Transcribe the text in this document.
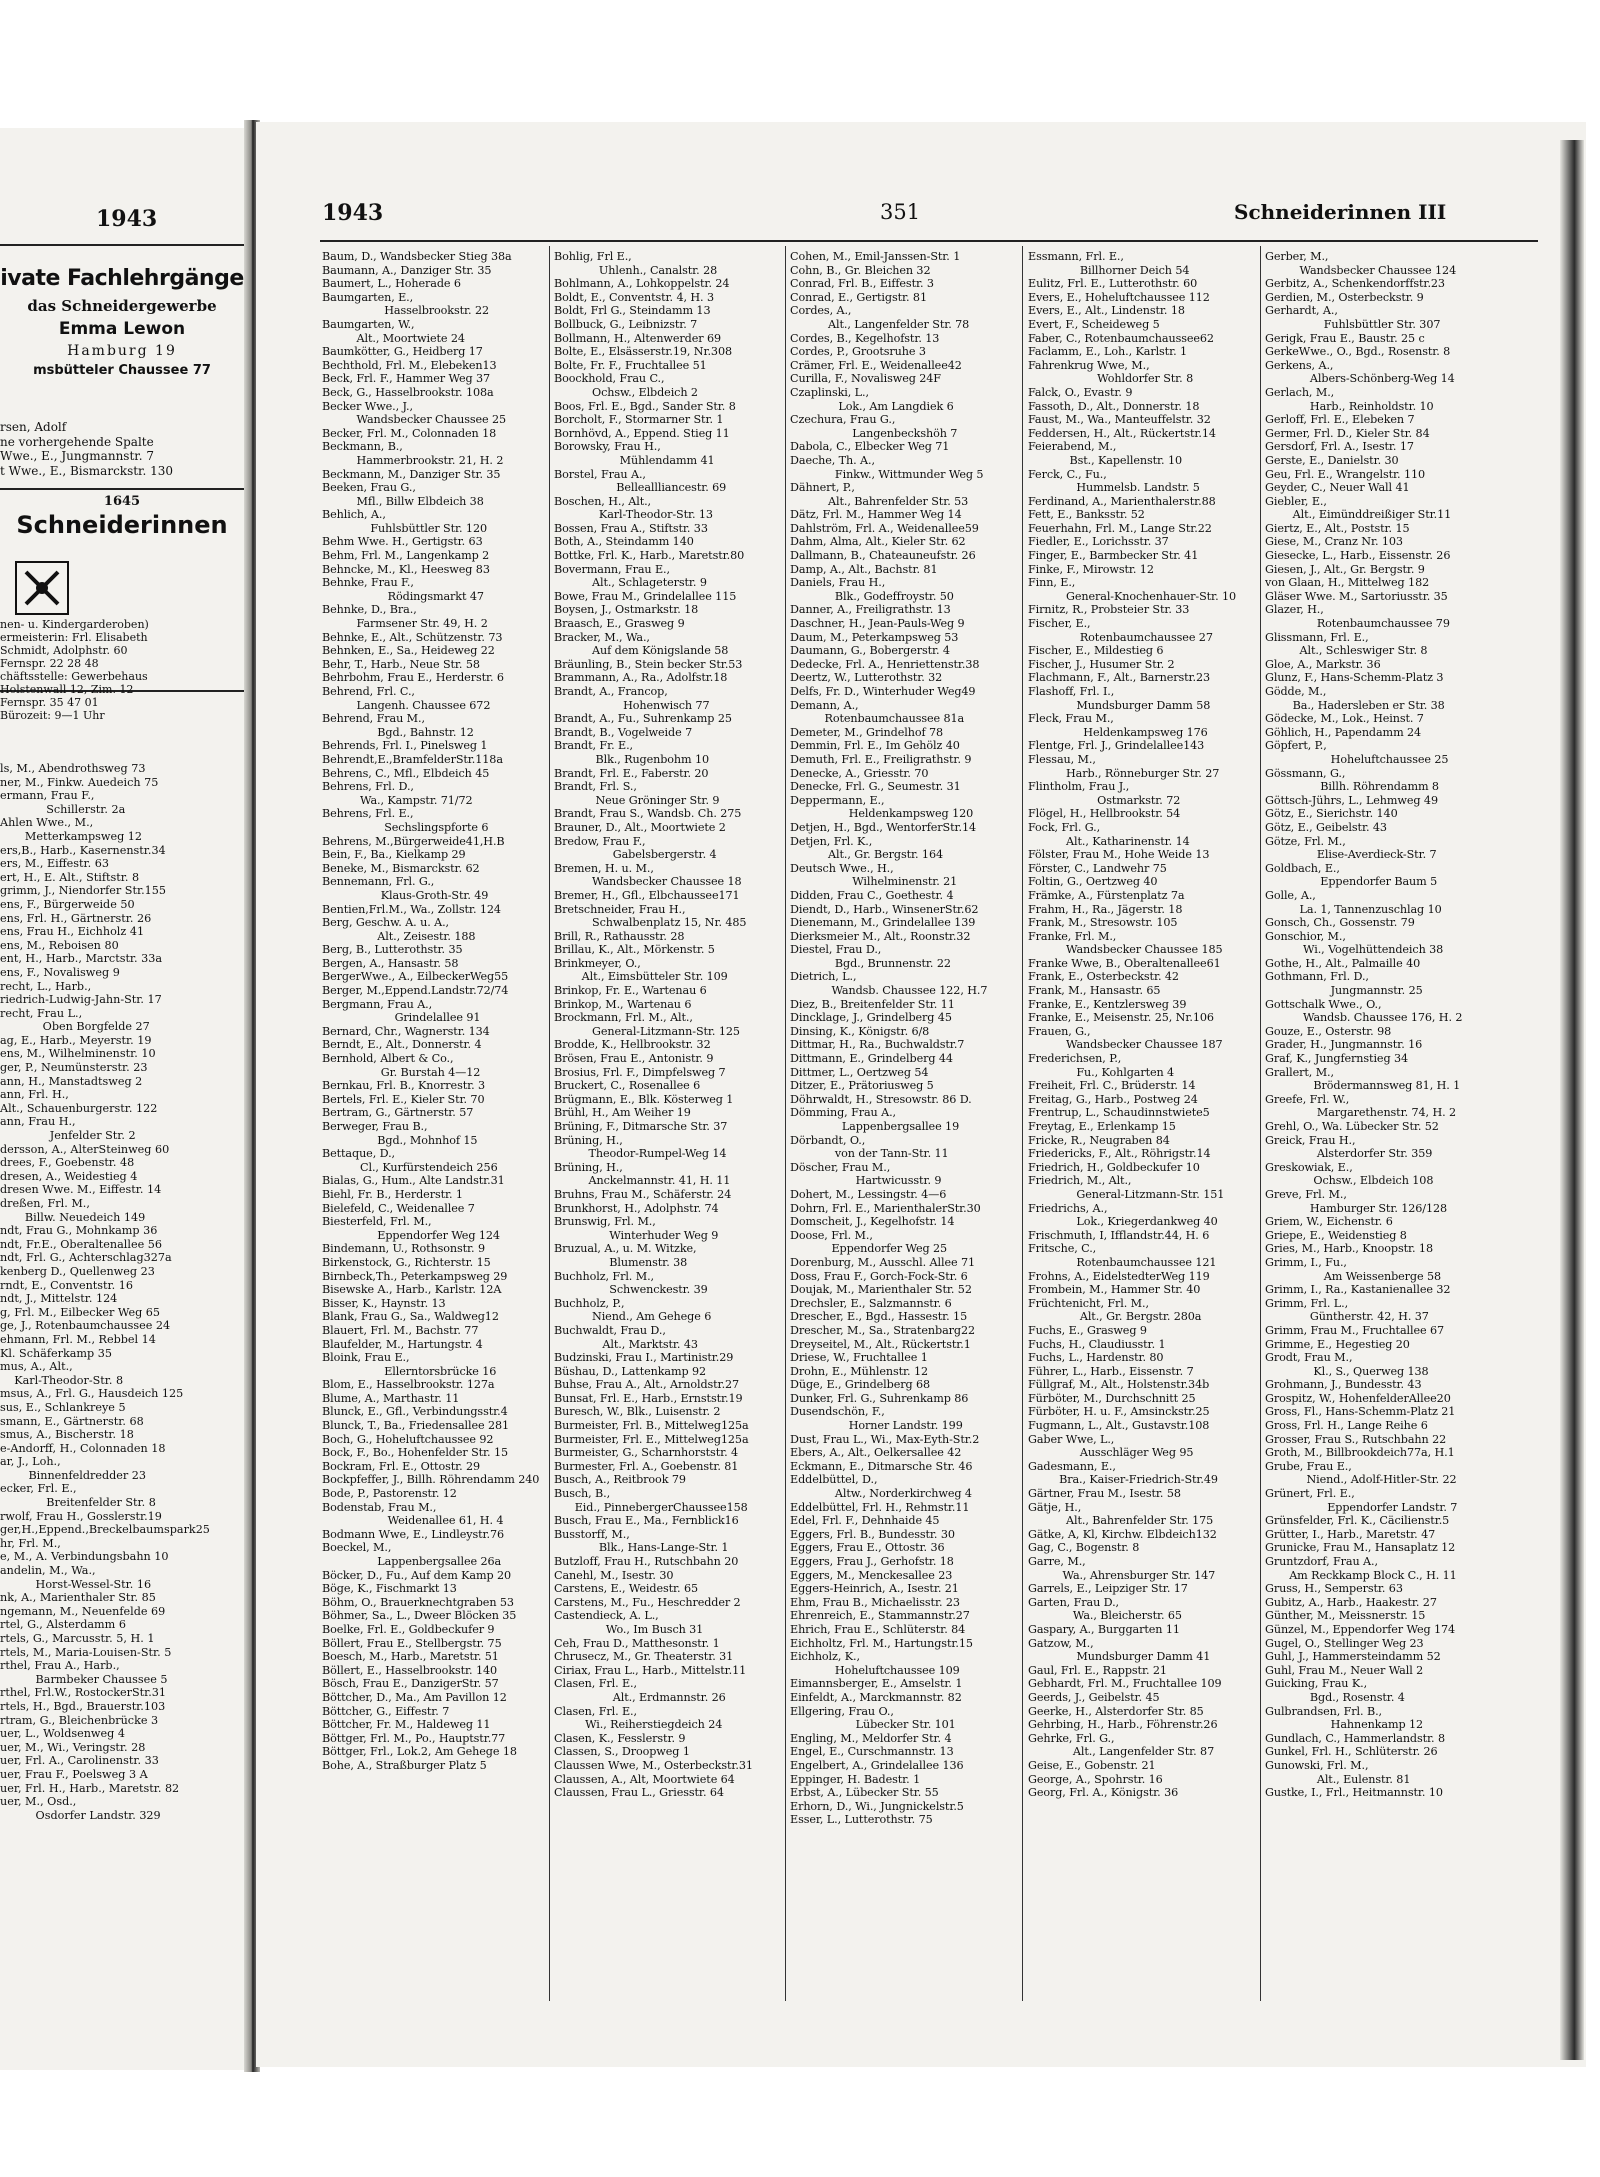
1943
ivate Fachlehrgänge
das Schneidergewerbe
Emma Lewon
Hamburg 19
msbütteler Chaussee 77
rsen, Adolf
ne vorhergehende Spalte
Wwe., E., Jungmannstr. 7
t Wwe., E., Bismarckstr. 130
1645
Schneiderinnen
nen- u. Kindergarderoben)
ermeisterin: Frl. Elisabeth
Schmidt, Adolphstr. 60
Fernspr. 22 28 48
chäftsstelle: Gewerbehaus
Holstenwall 12, Zim. 12
Fernspr. 35 47 01
Bürozeit: 9—1 Uhr
ls, M., Abendrothsweg 73
ner, M., Finkw. Auedeich 75
ermann, Frau F.,
Schillerstr. 2a
Ahlen Wwe., M.,
Metterkampsweg 12
ers,B., Harb., Kasernenstr.34
ers, M., Eiffestr. 63
ert, H., E. Alt., Stiftstr. 8
grimm, J., Niendorfer Str.155
ens, F., Bürgerweide 50
ens, Frl. H., Gärtnerstr. 26
ens, Frau H., Eichholz 41
ens, M., Reboisen 80
ent, H., Harb., Marctstr. 33a
ens, F., Novalisweg 9
recht, L., Harb.,
riedrich-Ludwig-Jahn-Str. 17
recht, Frau L.,
Oben Borgfelde 27
ag, E., Harb., Meyerstr. 19
ens, M., Wilhelminenstr. 10
ger, P., Neumünsterstr. 23
ann, H., Manstadtsweg 2
ann, Frl. H.,
Alt., Schauenburgerstr. 122
ann, Frau H.,
Jenfelder Str. 2
dersson, A., AlterSteinweg 60
drees, F., Goebenstr. 48
dresen, A., Weidestieg 4
dresen Wwe. M., Eiffestr. 14
dreßen, Frl. M.,
Billw. Neuedeich 149
ndt, Frau G., Mohnkamp 36
ndt, Fr.E., Oberaltenallee 56
ndt, Frl. G., Achterschlag327a
kenberg D., Quellenweg 23
rndt, E., Conventstr. 16
ndt, J., Mittelstr. 124
g, Frl. M., Eilbecker Weg 65
ge, J., Rotenbaumchaussee 24
ehmann, Frl. M., Rebbel 14
Kl. Schäferkamp 35
mus, A., Alt.,
Karl-Theodor-Str. 8
msus, A., Frl. G., Hausdeich 125
sus, E., Schlankreye 5
smann, E., Gärtnerstr. 68
smus, A., Bischerstr. 18
e-Andorff, H., Colonnaden 18
ar, J., Loh.,
Binnenfeldredder 23
ecker, Frl. E.,
Breitenfelder Str. 8
rwolf, Frau H., Gosslerstr.19
ger,H.,Eppend.,Breckelbaumspark25
hr, Frl. M.,
e, M., A. Verbindungsbahn 10
andelin, M., Wa.,
Horst-Wessel-Str. 16
nk, A., Marienthaler Str. 85
ngemann, M., Neuenfelde 69
rtel, G., Alsterdamm 6
rtels, G., Marcusstr. 5, H. 1
rtels, M., Maria-Louisen-Str. 5
rthel, Frau A., Harb.,
Barmbeker Chaussee 5
rthel, Frl.W., RostockerStr.31
rtels, H., Bgd., Brauerstr.103
rtram, G., Bleichenbrücke 3
uer, L., Woldsenweg 4
uer, M., Wi., Veringstr. 28
uer, Frl. A., Carolinenstr. 33
uer, Frau F., Poelsweg 3 A
uer, Frl. H., Harb., Maretstr. 82
uer, M., Osd.,
Osdorfer Landstr. 329
1943	351	Schneiderinnen III
Baum, D., Wandsbecker Stieg 38a
Baumann, A., Danziger Str. 35
Baumert, L., Hoherade 6
Baumgarten, E.,
Hasselbrookstr. 22
Baumgarten, W.,
Alt., Moortwiete 24
Baumkötter, G., Heidberg 17
Bechthold, Frl. M., Elebeken13
Beck, Frl. F., Hammer Weg 37
Beck, G., Hasselbrookstr. 108a
Becker Wwe., J.,
Wandsbecker Chaussee 25
Becker, Frl. M., Colonnaden 18
Beckmann, B.,
Hammerbrookstr. 21, H. 2
Beckmann, M., Danziger Str. 35
Beeken, Frau G.,
Mfl., Billw Elbdeich 38
Behlich, A.,
Fuhlsbüttler Str. 120
Behm Wwe. H., Gertigstr. 63
Behm, Frl. M., Langenkamp 2
Behncke, M., Kl., Heesweg 83
Behnke, Frau F.,
Rödingsmarkt 47
Behnke, D., Bra.,
Farmsener Str. 49, H. 2
Behnke, E., Alt., Schützenstr. 73
Behnken, E., Sa., Heideweg 22
Behr, T., Harb., Neue Str. 58
Behrbohm, Frau E., Herderstr. 6
Behrend, Frl. C.,
Langenh. Chaussee 672
Behrend, Frau M.,
Bgd., Bahnstr. 12
Behrends, Frl. I., Pinelsweg 1
Behrendt,E.,BramfelderStr.118a
Behrens, C., Mfl., Elbdeich 45
Behrens, Frl. D.,
Wa., Kampstr. 71/72
Behrens, Frl. E.,
Sechslingspforte 6
Behrens, M.,Bürgerweide41,H.B
Bein, F., Ba., Kielkamp 29
Beneke, M., Bismarckstr. 62
Bennemann, Frl. G.,
Klaus-Groth-Str. 49
Bentien,Frl.M., Wa., Zollstr. 124
Berg, Geschw. A. u. A.,
Alt., Zeisestr. 188
Berg, B., Lutterothstr. 35
Bergen, A., Hansastr. 58
BergerWwe., A., EilbeckerWeg55
Berger, M.,Eppend.Landstr.72/74
Bergmann, Frau A.,
Grindelallee 91
Bernard, Chr., Wagnerstr. 134
Berndt, E., Alt., Donnerstr. 4
Bernhold, Albert & Co.,
Gr. Burstah 4—12
Bernkau, Frl. B., Knorrestr. 3
Bertels, Frl. E., Kieler Str. 70
Bertram, G., Gärtnerstr. 57
Berweger, Frau B.,
Bgd., Mohnhof 15
Bettaque, D.,
Cl., Kurfürstendeich 256
Bialas, G., Hum., Alte Landstr.31
Biehl, Fr. B., Herderstr. 1
Bielefeld, C., Weidenallee 7
Biesterfeld, Frl. M.,
Eppendorfer Weg 124
Bindemann, U., Rothsonstr. 9
Birkenstock, G., Richterstr. 15
Birnbeck,Th., Peterkampsweg 29
Bisewske A., Harb., Karlstr. 12A
Bisser, K., Haynstr. 13
Blank, Frau G., Sa., Waldweg12
Blauert, Frl. M., Bachstr. 77
Blaufelder, M., Hartungstr. 4
Bloink, Frau E.,
Ellerntorsbrücke 16
Blom, E., Hasselbrookstr. 127a
Blume, A., Marthastr. 11
Blunck, E., Gfl., Verbindungsstr.4
Blunck, T., Ba., Friedensallee 281
Boch, G., Hoheluftchaussee 92
Bock, F., Bo., Hohenfelder Str. 15
Bockram, Frl. E., Ottostr. 29
Bockpfeffer, J., Billh. Röhrendamm 240
Bode, P., Pastorenstr. 12
Bodenstab, Frau M.,
Weidenallee 61, H. 4
Bodmann Wwe, E., Lindleystr.76
Boeckel, M.,
Lappenbergsallee 26a
Böcker, D., Fu., Auf dem Kamp 20
Böge, K., Fischmarkt 13
Böhm, O., Brauerknechtgraben 53
Böhmer, Sa., L., Dweer Blöcken 35
Boelke, Frl. E., Goldbeckufer 9
Böllert, Frau E., Stellbergstr. 75
Boesch, M., Harb., Maretstr. 51
Böllert, E., Hasselbrookstr. 140
Bösch, Frau E., DanzigerStr. 57
Böttcher, D., Ma., Am Pavillon 12
Böttcher, G., Eiffestr. 7
Böttcher, Fr. M., Haldeweg 11
Böttger, Frl. M., Po., Hauptstr.77
Böttger, Frl., Lok.2, Am Gehege 18
Bohe, A., Straßburger Platz 5
Bohlig, Frl E.,
Uhlenh., Canalstr. 28
Bohlmann, A., Lohkoppelstr. 24
Boldt, E., Conventstr. 4, H. 3
Boldt, Frl G., Steindamm 13
Bollbuck, G., Leibnizstr. 7
Bollmann, H., Altenwerder 69
Bolte, E., Elsässerstr.19, Nr.308
Bolte, Fr. F., Fruchtallee 51
Boockhold, Frau C.,
Ochsw., Elbdeich 2
Boos, Frl. E., Bgd., Sander Str. 8
Borcholt, F., Stormarner Str. 1
Bornhövd, A., Eppend. Stieg 11
Borowsky, Frau H.,
Mühlendamm 41
Borstel, Frau A.,
Belleallliancestr. 69
Boschen, H., Alt.,
Karl-Theodor-Str. 13
Bossen, Frau A., Stiftstr. 33
Both, A., Steindamm 140
Bottke, Frl. K., Harb., Maretstr.80
Bovermann, Frau E.,
Alt., Schlageterstr. 9
Bowe, Frau M., Grindelallee 115
Boysen, J., Ostmarkstr. 18
Braasch, E., Grasweg 9
Bracker, M., Wa.,
Auf dem Königslande 58
Bräunling, B., Stein becker Str.53
Brammann, A., Ra., Adolfstr.18
Brandt, A., Francop,
Hohenwisch 77
Brandt, A., Fu., Suhrenkamp 25
Brandt, B., Vogelweide 7
Brandt, Fr. E.,
Blk., Rugenbohm 10
Brandt, Frl. E., Faberstr. 20
Brandt, Frl. S.,
Neue Gröninger Str. 9
Brandt, Frau S., Wandsb. Ch. 275
Brauner, D., Alt., Moortwiete 2
Bredow, Frau F.,
Gabelsbergerstr. 4
Bremen, H. u. M.,
Wandsbecker Chaussee 18
Bremer, H., Gfl., Elbchaussee171
Bretschneider, Frau H.,
Schwalbenplatz 15, Nr. 485
Brill, R., Rathausstr. 28
Brillau, K., Alt., Mörkenstr. 5
Brinkmeyer, O.,
Alt., Eimsbütteler Str. 109
Brinkop, Fr. E., Wartenau 6
Brinkop, M., Wartenau 6
Brockmann, Frl. M., Alt.,
General-Litzmann-Str. 125
Brodde, K., Hellbrookstr. 32
Brösen, Frau E., Antonistr. 9
Brosius, Frl. F., Dimpfelsweg 7
Bruckert, C., Rosenallee 6
Brügmann, E., Blk. Kösterweg 1
Brühl, H., Am Weiher 19
Brüning, F., Ditmarsche Str. 37
Brüning, H.,
Theodor-Rumpel-Weg 14
Brüning, H.,
Anckelmannstr. 41, H. 11
Bruhns, Frau M., Schäferstr. 24
Brunkhorst, H., Adolphstr. 74
Brunswig, Frl. M.,
Winterhuder Weg 9
Bruzual, A., u. M. Witzke,
Blumenstr. 38
Buchholz, Frl. M.,
Schwenckestr. 39
Buchholz, P.,
Niend., Am Gehege 6
Buchwaldt, Frau D.,
Alt., Marktstr. 43
Budzinski, Frau I., Martinistr.29
Büshau, D., Lattenkamp 92
Buhse, Frau A., Alt., Arnoldstr.27
Bunsat, Frl. E., Harb., Ernststr.19
Buresch, W., Blk., Luisenstr. 2
Burmeister, Frl. B., Mittelweg125a
Burmeister, Frl. E., Mittelweg125a
Burmeister, G., Scharnhorststr. 4
Burmester, Frl. A., Goebenstr. 81
Busch, A., Reitbrook 79
Busch, B.,
Eid., PinnebergerChaussee158
Busch, Frau E., Ma., Fernblick16
Busstorff, M.,
Blk., Hans-Lange-Str. 1
Butzloff, Frau H., Rutschbahn 20
Canehl, M., Isestr. 30
Carstens, E., Weidestr. 65
Carstens, M., Fu., Heschredder 2
Castendieck, A. L.,
Wo., Im Busch 31
Ceh, Frau D., Matthesonstr. 1
Chrusecz, M., Gr. Theaterstr. 31
Ciriax, Frau L., Harb., Mittelstr.11
Clasen, Frl. E.,
Alt., Erdmannstr. 26
Clasen, Frl. E.,
Wi., Reiherstiegdeich 24
Clasen, K., Fesslerstr. 9
Classen, S., Droopweg 1
Claussen Wwe, M., Osterbeckstr.31
Claussen, A., Alt, Moortwiete 64
Claussen, Frau L., Griesstr. 64
Cohen, M., Emil-Janssen-Str. 1
Cohn, B., Gr. Bleichen 32
Conrad, Frl. B., Eiffestr. 3
Conrad, E., Gertigstr. 81
Cordes, A.,
Alt., Langenfelder Str. 78
Cordes, B., Kegelhofstr. 13
Cordes, P., Grootsruhe 3
Crämer, Frl. E., Weidenallee42
Curilla, F., Novalisweg 24F
Czaplinski, L.,
Lok., Am Langdiek 6
Czechura, Frau G.,
Langenbeckshöh 7
Dabola, C., Elbecker Weg 71
Daeche, Th. A.,
Finkw., Wittmunder Weg 5
Dähnert, P.,
Alt., Bahrenfelder Str. 53
Dätz, Frl. M., Hammer Weg 14
Dahlström, Frl. A., Weidenallee59
Dahm, Alma, Alt., Kieler Str. 62
Dallmann, B., Chateauneufstr. 26
Damp, A., Alt., Bachstr. 81
Daniels, Frau H.,
Blk., Godeffroystr. 50
Danner, A., Freiligrathstr. 13
Daschner, H., Jean-Pauls-Weg 9
Daum, M., Peterkampsweg 53
Daumann, G., Bobergerstr. 4
Dedecke, Frl. A., Henriettenstr.38
Deertz, W., Lutterothstr. 32
Delfs, Fr. D., Winterhuder Weg49
Demann, A.,
Rotenbaumchaussee 81a
Demeter, M., Grindelhof 78
Demmin, Frl. E., Im Gehölz 40
Demuth, Frl. E., Freiligrathstr. 9
Denecke, A., Griesstr. 70
Denecke, Frl. G., Seumestr. 31
Deppermann, E.,
Heldenkampsweg 120
Detjen, H., Bgd., WentorferStr.14
Detjen, Frl. K.,
Alt., Gr. Bergstr. 164
Deutsch Wwe., H.,
Wilhelminenstr. 21
Didden, Frau C., Goethestr. 4
Diendt, D., Harb., WinsenerStr.62
Dienemann, M., Grindelallee 139
Dierksmeier M., Alt., Roonstr.32
Diestel, Frau D.,
Bgd., Brunnenstr. 22
Dietrich, L.,
Wandsb. Chaussee 122, H.7
Diez, B., Breitenfelder Str. 11
Dincklage, J., Grindelberg 45
Dinsing, K., Königstr. 6/8
Dittmar, H., Ra., Buchwaldstr.7
Dittmann, E., Grindelberg 44
Dittmer, L., Oertzweg 54
Ditzer, E., Prätoriusweg 5
Döhrwaldt, H., Stresowstr. 86 D.
Dömming, Frau A.,
Lappenbergsallee 19
Dörbandt, O.,
von der Tann-Str. 11
Döscher, Frau M.,
Hartwicusstr. 9
Dohert, M., Lessingstr. 4—6
Dohrn, Frl. E., MarienthalerStr.30
Domscheit, J., Kegelhofstr. 14
Doose, Frl. M.,
Eppendorfer Weg 25
Dorenburg, M., Ausschl. Allee 71
Doss, Frau F., Gorch-Fock-Str. 6
Doujak, M., Marienthaler Str. 52
Drechsler, E., Salzmannstr. 6
Drescher, E., Bgd., Hassestr. 15
Drescher, M., Sa., Stratenbarg22
Dreyseitel, M., Alt., Rückertstr.1
Driese, W., Fruchtallee 1
Drohn, E., Mühlenstr. 12
Düge, E., Grindelberg 68
Dunker, Frl. G., Suhrenkamp 86
Dusendschön, F.,
Horner Landstr. 199
Dust, Frau L., Wi., Max-Eyth-Str.2
Ebers, A., Alt., Oelkersallee 42
Eckmann, E., Ditmarsche Str. 46
Eddelbüttel, D.,
Altw., Norderkirchweg 4
Eddelbüttel, Frl. H., Rehmstr.11
Edel, Frl. F., Dehnhaide 45
Eggers, Frl. B., Bundesstr. 30
Eggers, Frau E., Ottostr. 36
Eggers, Frau J., Gerhofstr. 18
Eggers, M., Menckesallee 23
Eggers-Heinrich, A., Isestr. 21
Ehm, Frau B., Michaelisstr. 23
Ehrenreich, E., Stammannstr.27
Ehrich, Frau E., Schlüterstr. 84
Eichholtz, Frl. M., Hartungstr.15
Eichholz, K.,
Hoheluftchaussee 109
Eimannsberger, E., Amselstr. 1
Einfeldt, A., Marckmannstr. 82
Ellgering, Frau O.,
Lübecker Str. 101
Engling, M., Meldorfer Str. 4
Engel, E., Curschmannstr. 13
Engelbert, A., Grindelallee 136
Eppinger, H. Badestr. 1
Erbst, A., Lübecker Str. 55
Erhorn, D., Wi., Jungnickelstr.5
Esser, L., Lutterothstr. 75
Essmann, Frl. E.,
Billhorner Deich 54
Eulitz, Frl. E., Lutterothstr. 60
Evers, E., Hoheluftchaussee 112
Evers, E., Alt., Lindenstr. 18
Evert, F., Scheideweg 5
Faber, C., Rotenbaumchaussee62
Faclamm, E., Loh., Karlstr. 1
Fahrenkrug Wwe, M.,
Wohldorfer Str. 8
Falck, O., Evastr. 9
Fassoth, D., Alt., Donnerstr. 18
Faust, M., Wa., Manteuffelstr. 32
Feddersen, H., Alt., Rückertstr.14
Feierabend, M.,
Bst., Kapellenstr. 10
Ferck, C., Fu.,
Hummelsb. Landstr. 5
Ferdinand, A., Marienthalerstr.88
Fett, E., Banksstr. 52
Feuerhahn, Frl. M., Lange Str.22
Fiedler, E., Lorichsstr. 37
Finger, E., Barmbecker Str. 41
Finke, F., Mirowstr. 12
Finn, E.,
General-Knochenhauer-Str. 10
Firnitz, R., Probsteier Str. 33
Fischer, E.,
Rotenbaumchaussee 27
Fischer, E., Mildestieg 6
Fischer, J., Husumer Str. 2
Flachmann, F., Alt., Barnerstr.23
Flashoff, Frl. I.,
Mundsburger Damm 58
Fleck, Frau M.,
Heldenkampsweg 176
Flentge, Frl. J., Grindelallee143
Flessau, M.,
Harb., Rönneburger Str. 27
Flintholm, Frau J.,
Ostmarkstr. 72
Flögel, H., Hellbrookstr. 54
Fock, Frl. G.,
Alt., Katharinenstr. 14
Fölster, Frau M., Hohe Weide 13
Förster, C., Landwehr 75
Foltin, G., Oertzweg 40
Främke, A., Fürstenplatz 7a
Frahm, H., Ra., Jägerstr. 18
Frank, M., Stresowstr. 105
Franke, Frl. M.,
Wandsbecker Chaussee 185
Franke Wwe, B., Oberaltenallee61
Frank, E., Osterbeckstr. 42
Frank, M., Hansastr. 65
Franke, E., Kentzlersweg 39
Franke, E., Meisenstr. 25, Nr.106
Frauen, G.,
Wandsbecker Chaussee 187
Frederichsen, P.,
Fu., Kohlgarten 4
Freiheit, Frl. C., Brüderstr. 14
Freitag, G., Harb., Postweg 24
Frentrup, L., Schaudinnstwiete5
Freytag, E., Erlenkamp 15
Fricke, R., Neugraben 84
Friedericks, F., Alt., Röhrigstr.14
Friedrich, H., Goldbeckufer 10
Friedrich, M., Alt.,
General-Litzmann-Str. 151
Friedrichs, A.,
Lok., Kriegerdankweg 40
Frischmuth, I, Ifflandstr.44, H. 6
Fritsche, C.,
Rotenbaumchaussee 121
Frohns, A., EidelstedterWeg 119
Frombein, M., Hammer Str. 40
Früchtenicht, Frl. M.,
Alt., Gr. Bergstr. 280a
Fuchs, E., Grasweg 9
Fuchs, H., Claudiusstr. 1
Fuchs, L., Hardenstr. 80
Führer, L., Harb., Eissenstr. 7
Füllgraf, M., Alt., Holstenstr.34b
Fürböter, M., Durchschnitt 25
Fürböter, H. u. F., Amsinckstr.25
Fugmann, L., Alt., Gustavstr.108
Gaber Wwe, L.,
Ausschläger Weg 95
Gadesmann, E.,
Bra., Kaiser-Friedrich-Str.49
Gärtner, Frau M., Isestr. 58
Gätje, H.,
Alt., Bahrenfelder Str. 175
Gätke, A, Kl, Kirchw. Elbdeich132
Gag, C., Bogenstr. 8
Garre, M.,
Wa., Ahrensburger Str. 147
Garrels, E., Leipziger Str. 17
Garten, Frau D.,
Wa., Bleicherstr. 65
Gaspary, A., Burggarten 11
Gatzow, M.,
Mundsburger Damm 41
Gaul, Frl. E., Rappstr. 21
Gebhardt, Frl. M., Fruchtallee 109
Geerds, J., Geibelstr. 45
Geerke, H., Alsterdorfer Str. 85
Gehrbing, H., Harb., Föhrenstr.26
Gehrke, Frl. G.,
Alt., Langenfelder Str. 87
Geise, E., Gobenstr. 21
George, A., Spohrstr. 16
Georg, Frl. A., Königstr. 36
Gerber, M.,
Wandsbecker Chaussee 124
Gerbitz, A., Schenkendorffstr.23
Gerdien, M., Osterbeckstr. 9
Gerhardt, A.,
Fuhlsbüttler Str. 307
Gerigk, Frau E., Baustr. 25 c
GerkeWwe., O., Bgd., Rosenstr. 8
Gerkens, A.,
Albers-Schönberg-Weg 14
Gerlach, M.,
Harb., Reinholdstr. 10
Gerloff, Frl. E., Elebeken 7
Germer, Frl. D., Kieler Str. 84
Gersdorf, Frl. A., Isestr. 17
Gerste, E., Danielstr. 30
Geu, Frl. E., Wrangelstr. 110
Geyder, C., Neuer Wall 41
Giebler, E.,
Alt., Eimünddreißiger Str.11
Giertz, E., Alt., Poststr. 15
Giese, M., Cranz Nr. 103
Giesecke, L., Harb., Eissenstr. 26
Giesen, J., Alt., Gr. Bergstr. 9
von Glaan, H., Mittelweg 182
Gläser Wwe. M., Sartoriusstr. 35
Glazer, H.,
Rotenbaumchaussee 79
Glissmann, Frl. E.,
Alt., Schleswiger Str. 8
Gloe, A., Markstr. 36
Glunz, F., Hans-Schemm-Platz 3
Gödde, M.,
Ba., Hadersleben er Str. 38
Gödecke, M., Lok., Heinst. 7
Göhlich, H., Papendamm 24
Göpfert, P.,
Hoheluftchaussee 25
Gössmann, G.,
Billh. Röhrendamm 8
Göttsch-Jührs, L., Lehmweg 49
Götz, E., Sierichstr. 140
Götz, E., Geibelstr. 43
Götze, Frl. M.,
Elise-Averdieck-Str. 7
Goldbach, E.,
Eppendorfer Baum 5
Golle, A.,
La. 1, Tannenzuschlag 10
Gonsch, Ch., Gossenstr. 79
Gonschior, M.,
Wi., Vogelhüttendeich 38
Gothe, H., Alt., Palmaille 40
Gothmann, Frl. D.,
Jungmannstr. 25
Gottschalk Wwe., O.,
Wandsb. Chaussee 176, H. 2
Gouze, E., Osterstr. 98
Grader, H., Jungmannstr. 16
Graf, K., Jungfernstieg 34
Grallert, M.,
Brödermannsweg 81, H. 1
Greefe, Frl. W.,
Margarethenstr. 74, H. 2
Grehl, O., Wa. Lübecker Str. 52
Greick, Frau H.,
Alsterdorfer Str. 359
Greskowiak, E.,
Ochsw., Elbdeich 108
Greve, Frl. M.,
Hamburger Str. 126/128
Griem, W., Eichenstr. 6
Griepe, E., Weidenstieg 8
Gries, M., Harb., Knoopstr. 18
Grimm, I., Fu.,
Am Weissenberge 58
Grimm, I., Ra., Kastanienallee 32
Grimm, Frl. L.,
Güntherstr. 42, H. 37
Grimm, Frau M., Fruchtallee 67
Grimme, E., Hegestieg 20
Grodt, Frau M.,
Kl., S., Querweg 138
Grohmann, J., Bundesstr. 43
Grospitz, W., HohenfelderAllee20
Gross, Fl., Hans-Schemm-Platz 21
Gross, Frl. H., Lange Reihe 6
Grosser, Frau S., Rutschbahn 22
Groth, M., Billbrookdeich77a, H.1
Grube, Frau E.,
Niend., Adolf-Hitler-Str. 22
Grünert, Frl. E.,
Eppendorfer Landstr. 7
Grünsfelder, Frl. K., Cäcilienstr.5
Grütter, I., Harb., Maretstr. 47
Grunicke, Frau M., Hansaplatz 12
Gruntzdorf, Frau A.,
Am Reckkamp Block C., H. 11
Gruss, H., Semperstr. 63
Gubitz, A., Harb., Haakestr. 27
Günther, M., Meissnerstr. 15
Günzel, M., Eppendorfer Weg 174
Gugel, O., Stellinger Weg 23
Guhl, J., Hammersteindamm 52
Guhl, Frau M., Neuer Wall 2
Guicking, Frau K.,
Bgd., Rosenstr. 4
Gulbrandsen, Frl. B.,
Hahnenkamp 12
Gundlach, C., Hammerlandstr. 8
Gunkel, Frl. H., Schlüterstr. 26
Gunowski, Frl. M.,
Alt., Eulenstr. 81
Gustke, I., Frl., Heitmannstr. 10
